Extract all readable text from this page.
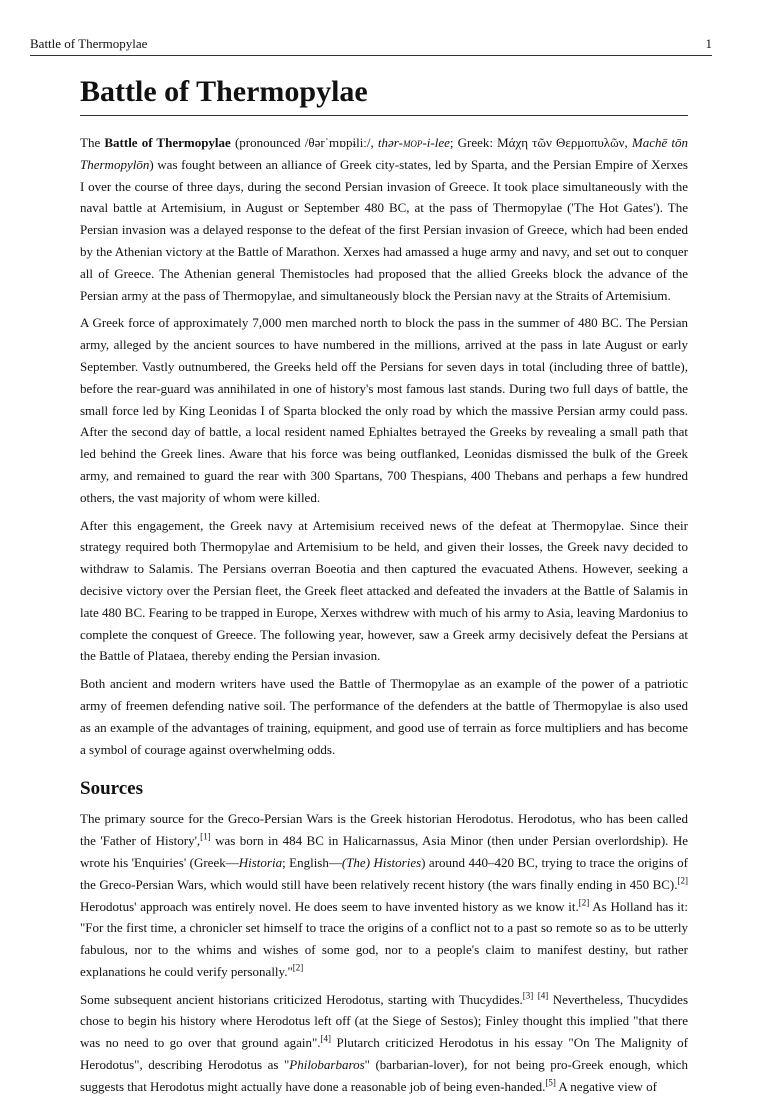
Battle of Thermopylae	1
Battle of Thermopylae

The Battle of Thermopylae (pronounced /θərˈmɒpɨliː/, thər-mop-i-lee; Greek: Μάχη τῶν Θερμοπυλῶν, Machē tōn Thermopylōn) was fought between an alliance of Greek city-states, led by Sparta, and the Persian Empire of Xerxes I over the course of three days, during the second Persian invasion of Greece. It took place simultaneously with the naval battle at Artemisium, in August or September 480 BC, at the pass of Thermopylae ('The Hot Gates'). The Persian invasion was a delayed response to the defeat of the first Persian invasion of Greece, which had been ended by the Athenian victory at the Battle of Marathon. Xerxes had amassed a huge army and navy, and set out to conquer all of Greece. The Athenian general Themistocles had proposed that the allied Greeks block the advance of the Persian army at the pass of Thermopylae, and simultaneously block the Persian navy at the Straits of Artemisium.

A Greek force of approximately 7,000 men marched north to block the pass in the summer of 480 BC. The Persian army, alleged by the ancient sources to have numbered in the millions, arrived at the pass in late August or early September. Vastly outnumbered, the Greeks held off the Persians for seven days in total (including three of battle), before the rear-guard was annihilated in one of history's most famous last stands. During two full days of battle, the small force led by King Leonidas I of Sparta blocked the only road by which the massive Persian army could pass. After the second day of battle, a local resident named Ephialtes betrayed the Greeks by revealing a small path that led behind the Greek lines. Aware that his force was being outflanked, Leonidas dismissed the bulk of the Greek army, and remained to guard the rear with 300 Spartans, 700 Thespians, 400 Thebans and perhaps a few hundred others, the vast majority of whom were killed.

After this engagement, the Greek navy at Artemisium received news of the defeat at Thermopylae. Since their strategy required both Thermopylae and Artemisium to be held, and given their losses, the Greek navy decided to withdraw to Salamis. The Persians overran Boeotia and then captured the evacuated Athens. However, seeking a decisive victory over the Persian fleet, the Greek fleet attacked and defeated the invaders at the Battle of Salamis in late 480 BC. Fearing to be trapped in Europe, Xerxes withdrew with much of his army to Asia, leaving Mardonius to complete the conquest of Greece. The following year, however, saw a Greek army decisively defeat the Persians at the Battle of Plataea, thereby ending the Persian invasion.

Both ancient and modern writers have used the Battle of Thermopylae as an example of the power of a patriotic army of freemen defending native soil. The performance of the defenders at the battle of Thermopylae is also used as an example of the advantages of training, equipment, and good use of terrain as force multipliers and has become a symbol of courage against overwhelming odds.

Sources

The primary source for the Greco-Persian Wars is the Greek historian Herodotus. Herodotus, who has been called the 'Father of History',[1] was born in 484 BC in Halicarnassus, Asia Minor (then under Persian overlordship). He wrote his 'Enquiries' (Greek—Historia; English—(The) Histories) around 440–420 BC, trying to trace the origins of the Greco-Persian Wars, which would still have been relatively recent history (the wars finally ending in 450 BC).[2] Herodotus' approach was entirely novel. He does seem to have invented history as we know it.[2] As Holland has it: "For the first time, a chronicler set himself to trace the origins of a conflict not to a past so remote so as to be utterly fabulous, nor to the whims and wishes of some god, nor to a people's claim to manifest destiny, but rather explanations he could verify personally."[2]

Some subsequent ancient historians criticized Herodotus, starting with Thucydides.[3] [4] Nevertheless, Thucydides chose to begin his history where Herodotus left off (at the Siege of Sestos); Finley thought this implied "that there was no need to go over that ground again".[4] Plutarch criticized Herodotus in his essay "On The Malignity of Herodotus", describing Herodotus as "Philobarbaros" (barbarian-lover), for not being pro-Greek enough, which suggests that Herodotus might actually have done a reasonable job of being even-handed.[5] A negative view of
